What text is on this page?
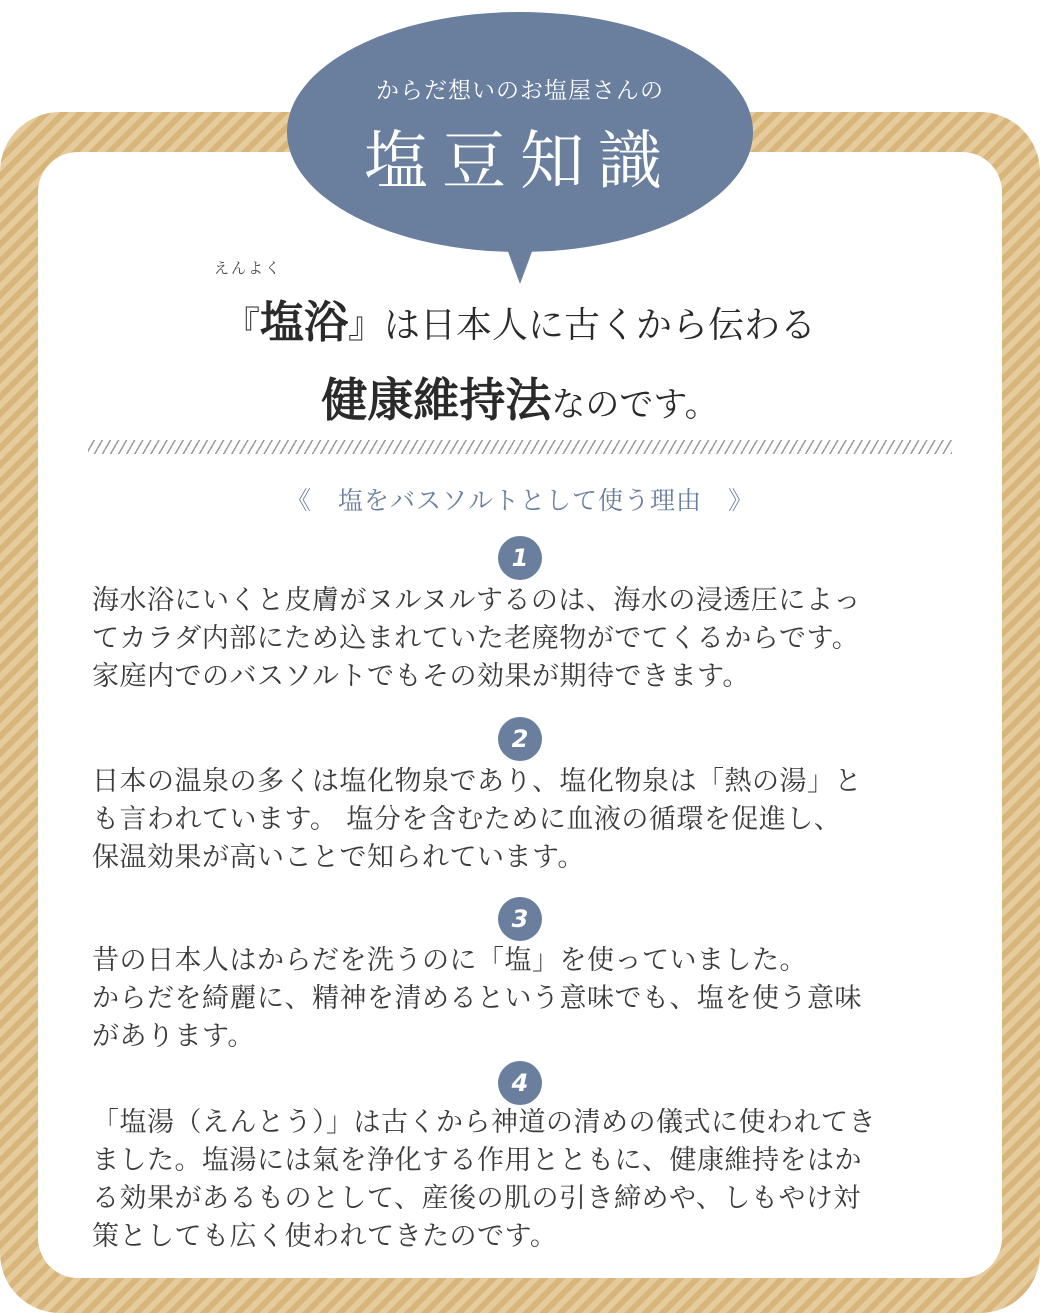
からだ想いのお塩屋さんの
塩豆知識
えんよく
『塩浴』は日本人に古くから伝わる
健康維持法なのです。
《　塩をバスソルトとして使う理由　》
1
海水浴にいくと皮膚がヌルヌルするのは、海水の浸透圧によっ
てカラダ内部にため込まれていた老廃物がでてくるからです。
家庭内でのバスソルトでもその効果が期待できます。
2
日本の温泉の多くは塩化物泉であり、塩化物泉は「熱の湯」と
も言われています。 塩分を含むために血液の循環を促進し、
保温効果が高いことで知られています。
3
昔の日本人はからだを洗うのに「塩」を使っていました。
からだを綺麗に、精神を清めるという意味でも、塩を使う意味
があります。
4
「塩湯（えんとう）」は古くから神道の清めの儀式に使われてき
ました。塩湯には氣を浄化する作用とともに、健康維持をはか
る効果があるものとして、産後の肌の引き締めや、しもやけ対
策としても広く使われてきたのです。
